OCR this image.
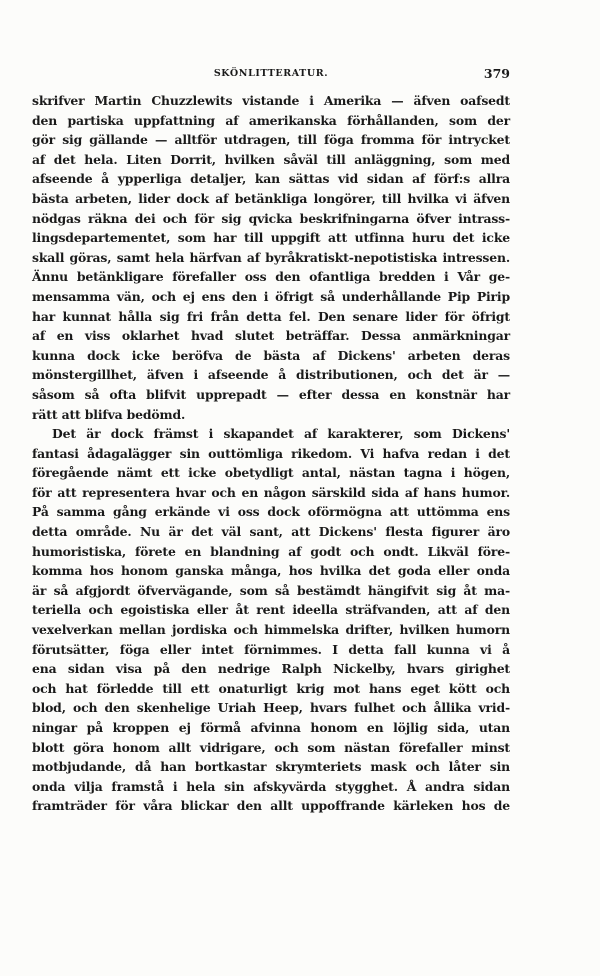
SKÖNLITTERATUR.	379
skrifver Martin Chuzzlewits vistande i Amerika — äfven oafsedt
den partiska uppfattning af amerikanska förhållanden, som der
gör sig gällande — alltför utdragen, till föga fromma för intrycket
af det hela. Liten Dorrit, hvilken såväl till anläggning, som med
afseende å ypperliga detaljer, kan sättas vid sidan af förf:s allra
bästa arbeten, lider dock af betänkliga longörer, till hvilka vi äfven
nödgas räkna dei och för sig qvicka beskrifningarna öfver intrass-
lingsdepartementet, som har till uppgift att utfinna huru det icke
skall göras, samt hela härfvan af byråkratiskt-nepotistiska intressen.
Ännu betänkligare förefaller oss den ofantliga bredden i Vår ge-
mensamma vän, och ej ens den i öfrigt så underhållande Pip Pirip
har kunnat hålla sig fri från detta fel. Den senare lider för öfrigt
af en viss oklarhet hvad slutet beträffar. Dessa anmärkningar
kunna dock icke beröfva de bästa af Dickens' arbeten deras
mönstergillhet, äfven i afseende å distributionen, och det är —
såsom så ofta blifvit upprepadt — efter dessa en konstnär har
rätt att blifva bedömd.
Det är dock främst i skapandet af karakterer, som Dickens'
fantasi ådagalägger sin outtömliga rikedom. Vi hafva redan i det
föregående nämt ett icke obetydligt antal, nästan tagna i högen,
för att representera hvar och en någon särskild sida af hans humor.
På samma gång erkände vi oss dock oförmögna att uttömma ens
detta område. Nu är det väl sant, att Dickens' flesta figurer äro
humoristiska, förete en blandning af godt och ondt. Likväl före-
komma hos honom ganska många, hos hvilka det goda eller onda
är så afgjordt öfvervägande, som så bestämdt hängifvit sig åt ma-
teriella och egoistiska eller åt rent ideella sträfvanden, att af den
vexelverkan mellan jordiska och himmelska drifter, hvilken humorn
förutsätter, föga eller intet förnimmes. I detta fall kunna vi å
ena sidan visa på den nedrige Ralph Nickelby, hvars girighet
och hat förledde till ett onaturligt krig mot hans eget kött och
blod, och den skenhelige Uriah Heep, hvars fulhet och ållika vrid-
ningar på kroppen ej förmå afvinna honom en löjlig sida, utan
blott göra honom allt vidrigare, och som nästan förefaller minst
motbjudande, då han bortkastar skrymteriets mask och låter sin
onda vilja framstå i hela sin afskyvärda stygghet. Å andra sidan
framträder för våra blickar den allt uppoffrande kärleken hos de
